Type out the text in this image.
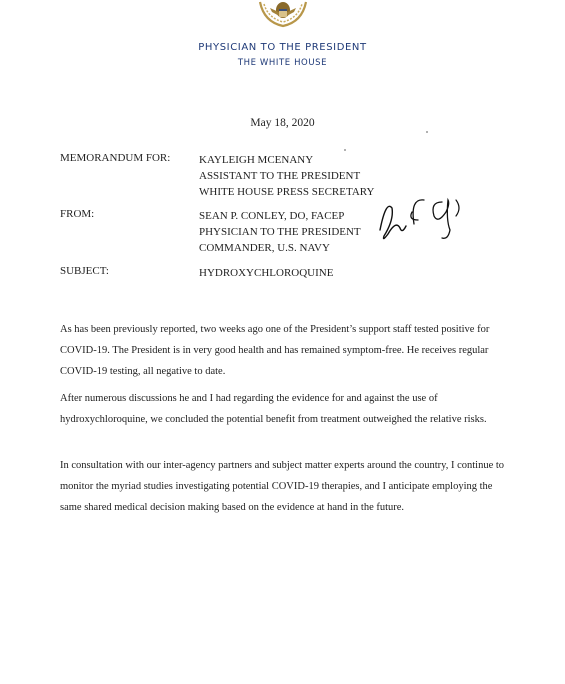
PHYSICIAN TO THE PRESIDENT
THE WHITE HOUSE
May 18, 2020
MEMORANDUM FOR:	KAYLEIGH MCENANY
ASSISTANT TO THE PRESIDENT
WHITE HOUSE PRESS SECRETARY
FROM:	SEAN P. CONLEY, DO, FACEP
PHYSICIAN TO THE PRESIDENT
COMMANDER, U.S. NAVY
SUBJECT:	HYDROXYCHLOROQUINE
As has been previously reported, two weeks ago one of the President’s support staff tested positive for COVID-19. The President is in very good health and has remained symptom-free. He receives regular COVID-19 testing, all negative to date.
After numerous discussions he and I had regarding the evidence for and against the use of hydroxychloroquine, we concluded the potential benefit from treatment outweighed the relative risks.
In consultation with our inter-agency partners and subject matter experts around the country, I continue to monitor the myriad studies investigating potential COVID-19 therapies, and I anticipate employing the same shared medical decision making based on the evidence at hand in the future.
